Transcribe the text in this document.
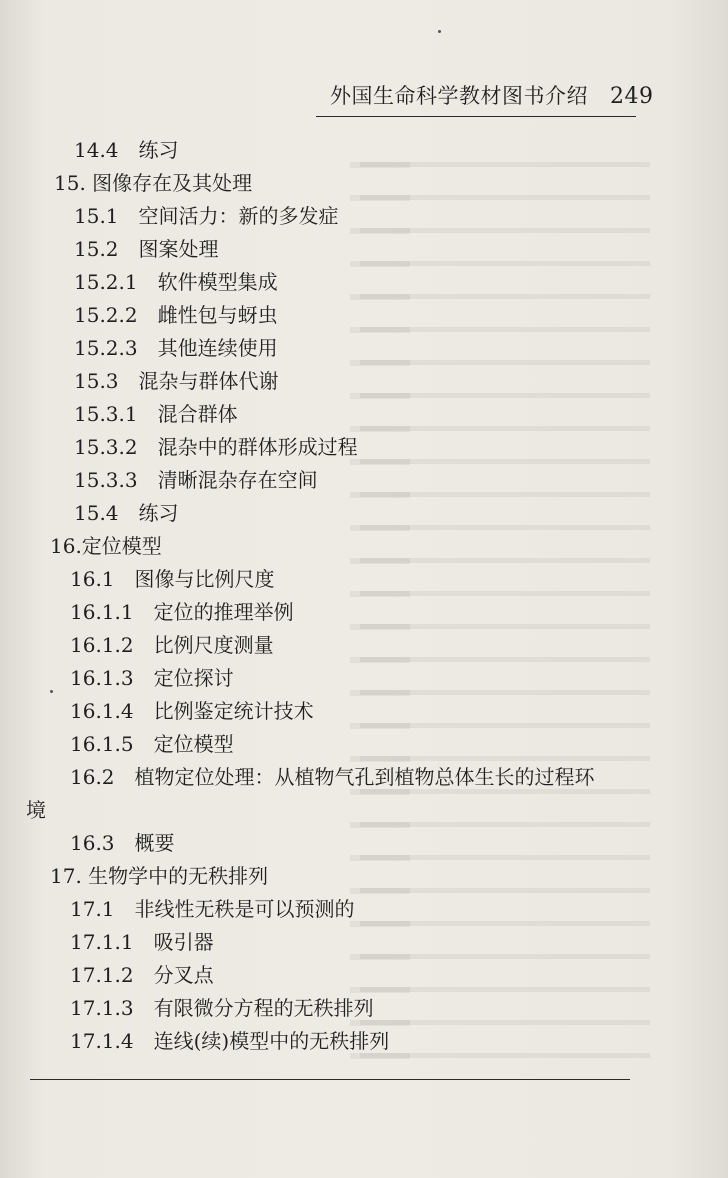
外国生命科学教材图书介绍 249
14.4　练习
15. 图像存在及其处理
15.1　空间活力：新的多发症
15.2　图案处理
15.2.1　软件模型集成
15.2.2　雌性包与蚜虫
15.2.3　其他连续使用
15.3　混杂与群体代谢
15.3.1　混合群体
15.3.2　混杂中的群体形成过程
15.3.3　清晰混杂存在空间
15.4　练习
16.定位模型
16.1　图像与比例尺度
16.1.1　定位的推理举例
16.1.2　比例尺度测量
16.1.3　定位探讨
16.1.4　比例鉴定统计技术
16.1.5　定位模型
16.2　植物定位处理：从植物气孔到植物总体生长的过程环
境
16.3　概要
17. 生物学中的无秩排列
17.1　非线性无秩是可以预测的
17.1.1　吸引器
17.1.2　分叉点
17.1.3　有限微分方程的无秩排列
17.1.4　连线(续)模型中的无秩排列
